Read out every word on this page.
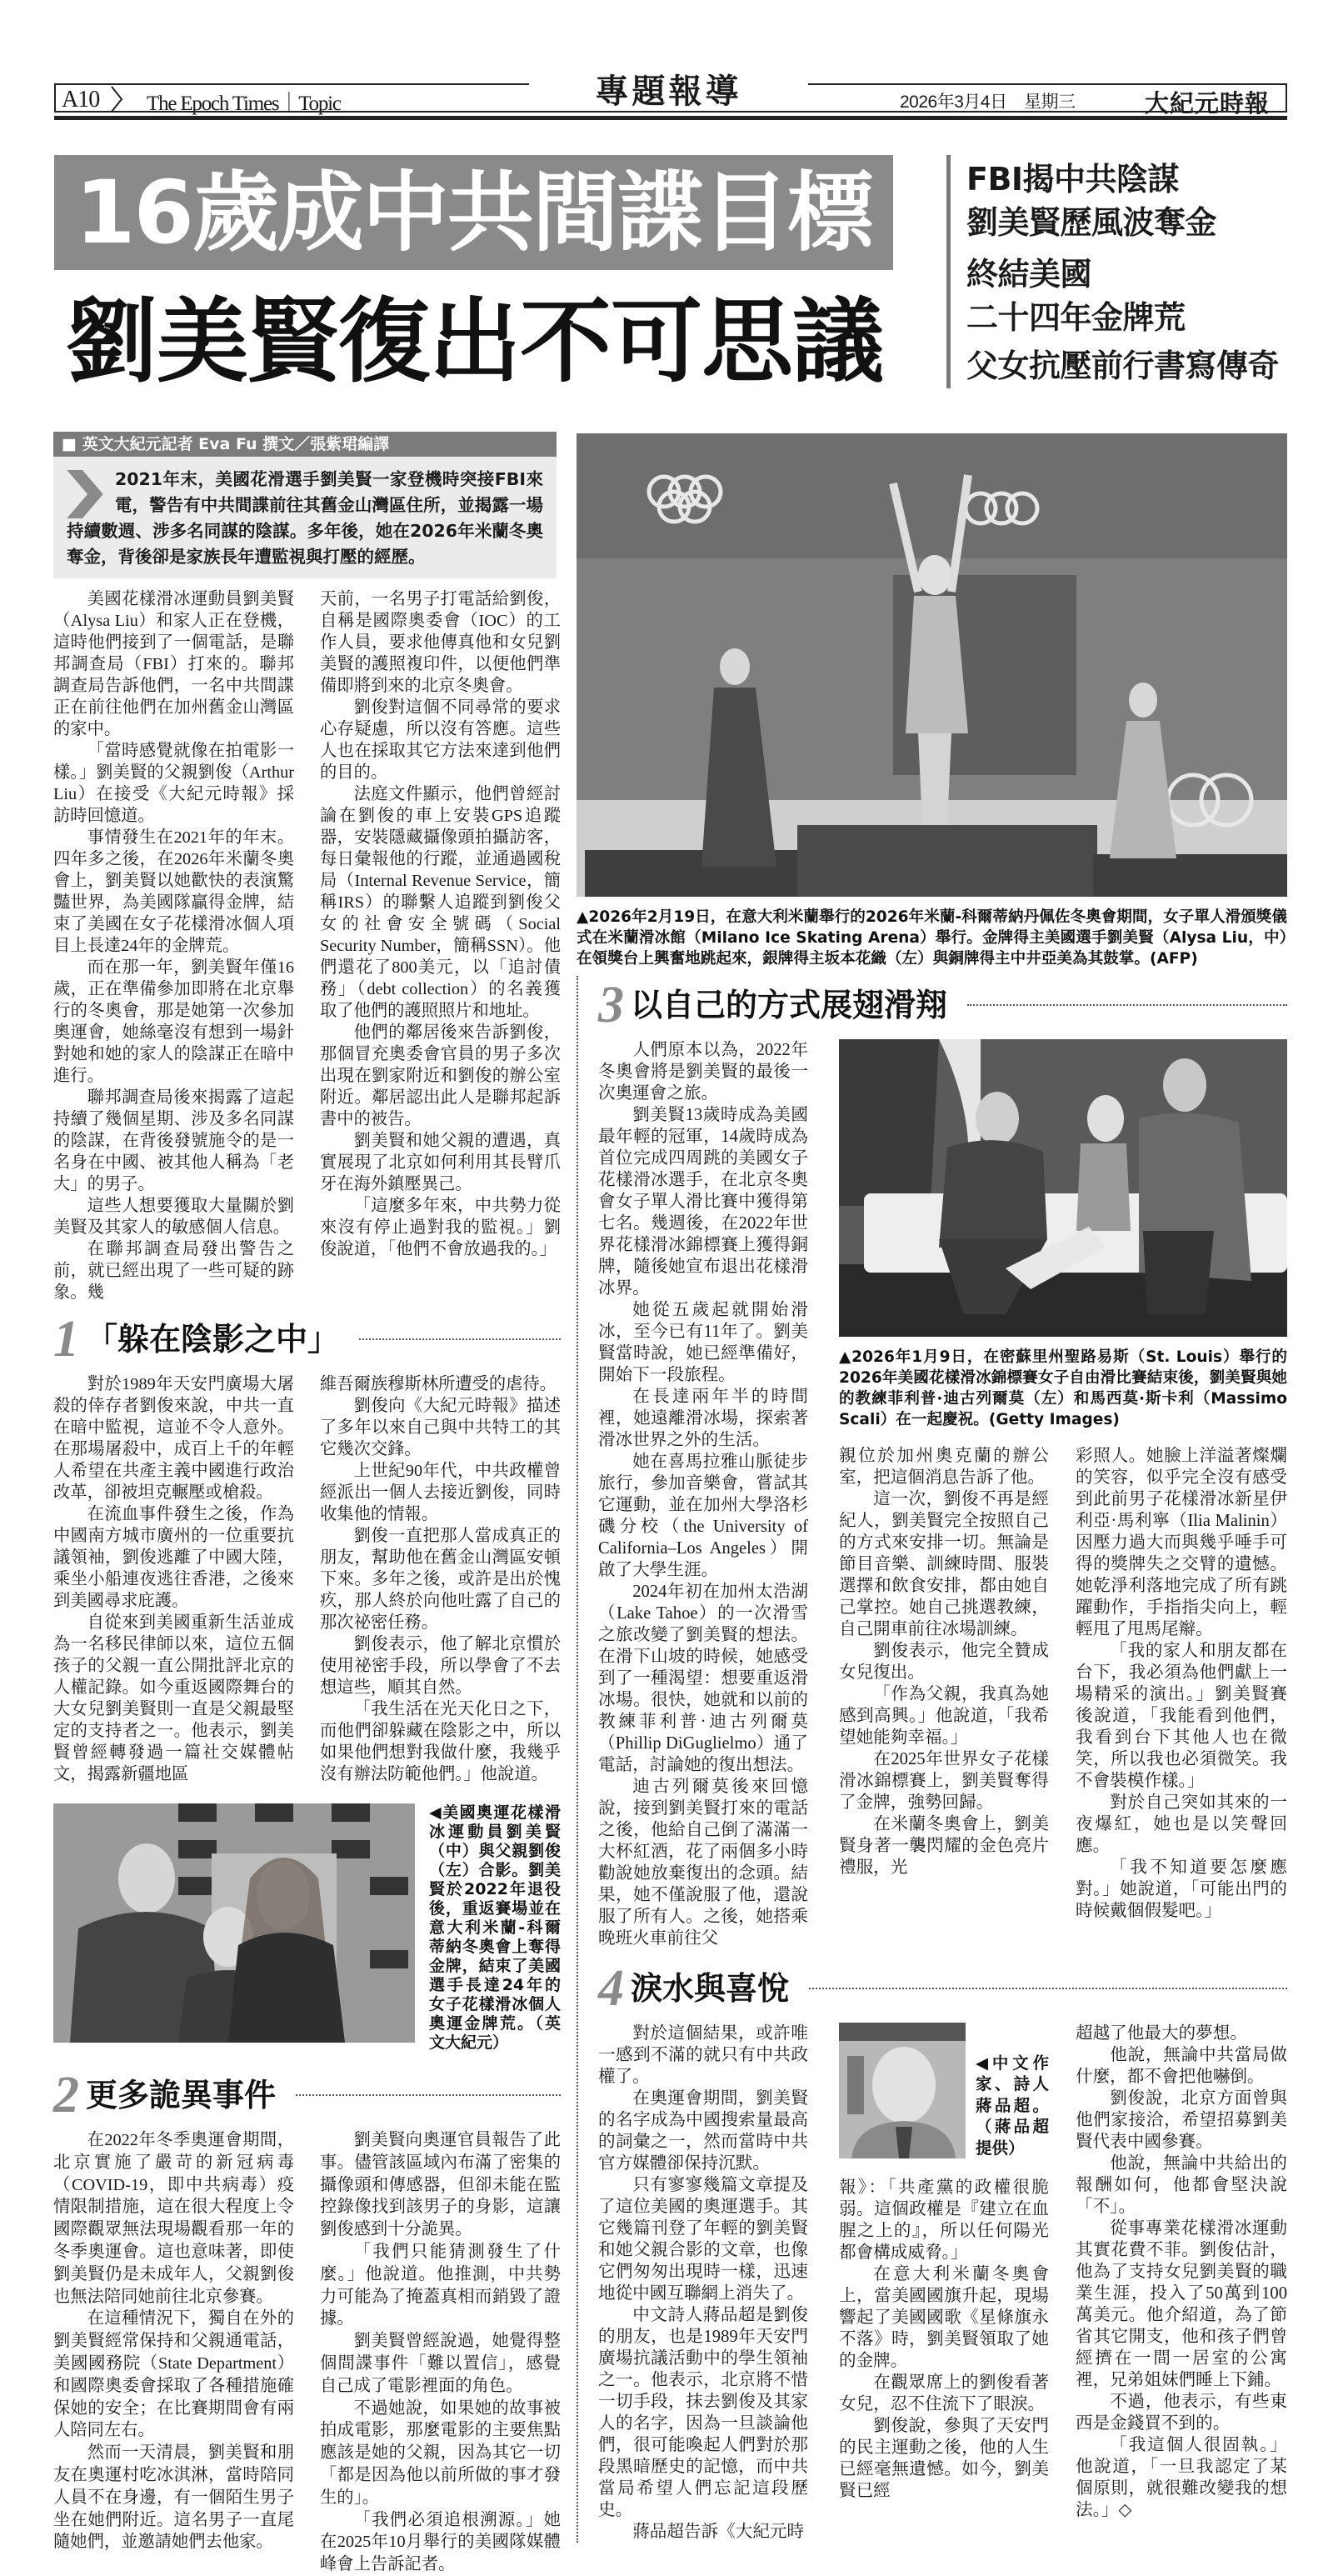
專題報導
A10 The Epoch Times｜Topic	2026年3月4日　星期三	大紀元時報
16歲成中共間諜目標
劉美賢復出不可思議
FBI揭中共陰謀
劉美賢歷風波奪金
終結美國
二十四年金牌荒
父女抗壓前行書寫傳奇
■ 英文大紀元記者 Eva Fu 撰文／張紫珺編譯

2021年末，美國花滑選手劉美賢一家登機時突接FBI來電，警告有中共間諜前往其舊金山灣區住所，並揭露一場持續數週、涉多名同謀的陰謀。多年後，她在2026年米蘭冬奧奪金，背後卻是家族長年遭監視與打壓的經歷。

美國花樣滑冰運動員劉美賢（Alysa Liu）和家人正在登機，這時他們接到了一個電話，是聯邦調查局（FBI）打來的。聯邦調查局告訴他們，一名中共間諜正在前往他們在加州舊金山灣區的家中。

「當時感覺就像在拍電影一樣。」劉美賢的父親劉俊（Arthur Liu）在接受《大紀元時報》採訪時回憶道。

事情發生在2021年的年末。四年多之後，在2026年米蘭冬奧會上，劉美賢以她歡快的表演驚豔世界，為美國隊贏得金牌，結束了美國在女子花樣滑冰個人項目上長達24年的金牌荒。

而在那一年，劉美賢年僅16歲，正在準備參加即將在北京舉行的冬奧會，那是她第一次參加奧運會，她絲毫沒有想到一場針對她和她的家人的陰謀正在暗中進行。

聯邦調查局後來揭露了這起持續了幾個星期、涉及多名同謀的陰謀，在背後發號施令的是一名身在中國、被其他人稱為「老大」的男子。

這些人想要獲取大量關於劉美賢及其家人的敏感個人信息。

在聯邦調查局發出警告之前，就已經出現了一些可疑的跡象。幾

天前，一名男子打電話給劉俊，自稱是國際奧委會（IOC）的工作人員，要求他傳真他和女兒劉美賢的護照複印件，以便他們準備即將到來的北京冬奧會。

劉俊對這個不同尋常的要求心存疑慮，所以沒有答應。這些人也在採取其它方法來達到他們的目的。

法庭文件顯示，他們曾經討論在劉俊的車上安裝GPS追蹤器，安裝隱藏攝像頭拍攝訪客，每日彙報他的行蹤，並通過國稅局（Internal Revenue Service，簡稱IRS）的聯繫人追蹤到劉俊父女的社會安全號碼（Social Security Number，簡稱SSN）。他們還花了800美元，以「追討債務」（debt collection）的名義獲取了他們的護照照片和地址。

他們的鄰居後來告訴劉俊，那個冒充奧委會官員的男子多次出現在劉家附近和劉俊的辦公室附近。鄰居認出此人是聯邦起訴書中的被告。

劉美賢和她父親的遭遇，真實展現了北京如何利用其長臂爪牙在海外鎮壓異己。

「這麼多年來，中共勢力從來沒有停止過對我的監視。」劉俊說道，「他們不會放過我的。」

1 「躲在陰影之中」

對於1989年天安門廣場大屠殺的倖存者劉俊來說，中共一直在暗中監視，這並不令人意外。在那場屠殺中，成百上千的年輕人希望在共產主義中國進行政治改革，卻被坦克輾壓或槍殺。

在流血事件發生之後，作為中國南方城市廣州的一位重要抗議領袖，劉俊逃離了中國大陸，乘坐小船連夜逃往香港，之後來到美國尋求庇護。

自從來到美國重新生活並成為一名移民律師以來，這位五個孩子的父親一直公開批評北京的人權記錄。如今重返國際舞台的大女兒劉美賢則一直是父親最堅定的支持者之一。他表示，劉美賢曾經轉發過一篇社交媒體帖文，揭露新疆地區

維吾爾族穆斯林所遭受的虐待。

劉俊向《大紀元時報》描述了多年以來自己與中共特工的其它幾次交鋒。

上世紀90年代，中共政權曾經派出一個人去接近劉俊，同時收集他的情報。

劉俊一直把那人當成真正的朋友，幫助他在舊金山灣區安頓下來。多年之後，或許是出於愧疚，那人終於向他吐露了自己的那次祕密任務。

劉俊表示，他了解北京慣於使用祕密手段，所以學會了不去想這些，順其自然。

「我生活在光天化日之下，而他們卻躲藏在陰影之中，所以如果他們想對我做什麼，我幾乎沒有辦法防範他們。」他說道。

◀美國奧運花樣滑冰運動員劉美賢（中）與父親劉俊（左）合影。劉美賢於2022年退役後，重返賽場並在意大利米蘭-科爾蒂納冬奧會上奪得金牌，結束了美國選手長達24年的女子花樣滑冰個人奧運金牌荒。（英文大紀元）
2 更多詭異事件

在2022年冬季奧運會期間，北京實施了嚴苛的新冠病毒（COVID-19，即中共病毒）疫情限制措施，這在很大程度上令國際觀眾無法現場觀看那一年的冬季奧運會。這也意味著，即使劉美賢仍是未成年人，父親劉俊也無法陪同她前往北京參賽。

在這種情況下，獨自在外的劉美賢經常保持和父親通電話，美國國務院（State Department）和國際奧委會採取了各種措施確保她的安全；在比賽期間會有兩人陪同左右。

然而一天清晨，劉美賢和朋友在奧運村吃冰淇淋，當時陪同人員不在身邊，有一個陌生男子坐在她們附近。這名男子一直尾隨她們，並邀請她們去他家。

劉美賢向奧運官員報告了此事。儘管該區域內布滿了密集的攝像頭和傳感器，但卻未能在監控錄像找到該男子的身影，這讓劉俊感到十分詭異。

「我們只能猜測發生了什麼。」他說道。他推測，中共勢力可能為了掩蓋真相而銷毀了證據。

劉美賢曾經說過，她覺得整個間諜事件「難以置信」，感覺自己成了電影裡面的角色。

不過她說，如果她的故事被拍成電影，那麼電影的主要焦點應該是她的父親，因為其它一切「都是因為他以前所做的事才發生的」。

「我們必須追根溯源。」她在2025年10月舉行的美國隊媒體峰會上告訴記者。

▲2026年2月19日，在意大利米蘭舉行的2026年米蘭-科爾蒂納丹佩佐冬奧會期間，女子單人滑頒獎儀式在米蘭滑冰館（Milano Ice Skating Arena）舉行。金牌得主美國選手劉美賢（Alysa Liu，中）在領獎台上興奮地跳起來，銀牌得主坂本花織（左）與銅牌得主中井亞美為其鼓掌。(AFP)
3 以自己的方式展翅滑翔

人們原本以為，2022年冬奧會將是劉美賢的最後一次奧運會之旅。

劉美賢13歲時成為美國最年輕的冠軍，14歲時成為首位完成四周跳的美國女子花樣滑冰選手，在北京冬奧會女子單人滑比賽中獲得第七名。幾週後，在2022年世界花樣滑冰錦標賽上獲得銅牌，隨後她宣布退出花樣滑冰界。

她從五歲起就開始滑冰，至今已有11年了。劉美賢當時說，她已經準備好，開始下一段旅程。

在長達兩年半的時間裡，她遠離滑冰場，探索著滑冰世界之外的生活。

她在喜馬拉雅山脈徒步旅行，參加音樂會，嘗試其它運動，並在加州大學洛杉磯分校（the University of California–Los Angeles）開啟了大學生涯。

2024年初在加州太浩湖（Lake Tahoe）的一次滑雪之旅改變了劉美賢的想法。在滑下山坡的時候，她感受到了一種渴望：想要重返滑冰場。很快，她就和以前的教練菲利普·迪古列爾莫（Phillip DiGuglielmo）通了電話，討論她的復出想法。

迪古列爾莫後來回憶說，接到劉美賢打來的電話之後，他給自己倒了滿滿一大杯紅酒，花了兩個多小時勸說她放棄復出的念頭。結果，她不僅說服了他，還說服了所有人。之後，她搭乘晚班火車前往父

▲2026年1月9日，在密蘇里州聖路易斯（St. Louis）舉行的2026年美國花樣滑冰錦標賽女子自由滑比賽結束後，劉美賢與她的教練菲利普·迪古列爾莫（左）和馬西莫·斯卡利（Massimo Scali）在一起慶祝。(Getty Images)

親位於加州奧克蘭的辦公室，把這個消息告訴了他。

這一次，劉俊不再是經紀人，劉美賢完全按照自己的方式來安排一切。無論是節目音樂、訓練時間、服裝選擇和飲食安排，都由她自己掌控。她自己挑選教練，自己開車前往冰場訓練。

劉俊表示，他完全贊成女兒復出。

「作為父親，我真為她感到高興。」他說道，「我希望她能夠幸福。」

在2025年世界女子花樣滑冰錦標賽上，劉美賢奪得了金牌，強勢回歸。

在米蘭冬奧會上，劉美賢身著一襲閃耀的金色亮片禮服，光

彩照人。她臉上洋溢著燦爛的笑容，似乎完全沒有感受到此前男子花樣滑冰新星伊利亞·馬利寧（Ilia Malinin）因壓力過大而與幾乎唾手可得的獎牌失之交臂的遺憾。她乾淨利落地完成了所有跳躍動作，手指指尖向上，輕輕甩了甩馬尾辮。

「我的家人和朋友都在台下，我必須為他們獻上一場精采的演出。」劉美賢賽後說道，「我能看到他們，我看到台下其他人也在微笑，所以我也必須微笑。我不會裝模作樣。」

對於自己突如其來的一夜爆紅，她也是以笑聲回應。

「我不知道要怎麼應對。」她說道，「可能出門的時候戴個假髮吧。」

4 淚水與喜悅

對於這個結果，或許唯一感到不滿的就只有中共政權了。

在奧運會期間，劉美賢的名字成為中國搜索量最高的詞彙之一，然而當時中共官方媒體卻保持沉默。

只有寥寥幾篇文章提及了這位美國的奧運選手。其它幾篇刊登了年輕的劉美賢和她父親合影的文章，也像它們匆匆出現時一樣，迅速地從中國互聯網上消失了。

中文詩人蔣品超是劉俊的朋友，也是1989年天安門廣場抗議活動中的學生領袖之一。他表示，北京將不惜一切手段，抹去劉俊及其家人的名字，因為一旦談論他們，很可能喚起人們對於那段黑暗歷史的記憶，而中共當局希望人們忘記這段歷史。

蔣品超告訴《大紀元時

◀中文作家、詩人蔣品超。（蔣品超提供）

報》：「共產黨的政權很脆弱。這個政權是『建立在血腥之上的』，所以任何陽光都會構成威脅。」

在意大利米蘭冬奧會上，當美國國旗升起，現場響起了美國國歌《星條旗永不落》時，劉美賢領取了她的金牌。

在觀眾席上的劉俊看著女兒，忍不住流下了眼淚。

劉俊說，參與了天安門的民主運動之後，他的人生已經毫無遺憾。如今，劉美賢已經

超越了他最大的夢想。

他說，無論中共當局做什麼，都不會把他嚇倒。

劉俊說，北京方面曾與他們家接洽，希望招募劉美賢代表中國參賽。

他說，無論中共給出的報酬如何，他都會堅決說「不」。

從事專業花樣滑冰運動其實花費不菲。劉俊估計，他為了支持女兒劉美賢的職業生涯，投入了50萬到100萬美元。他介紹道，為了節省其它開支，他和孩子們曾經擠在一間一居室的公寓裡，兄弟姐妹們睡上下鋪。

不過，他表示，有些東西是金錢買不到的。

「我這個人很固執。」他說道，「一旦我認定了某個原則，就很難改變我的想法。」◇
